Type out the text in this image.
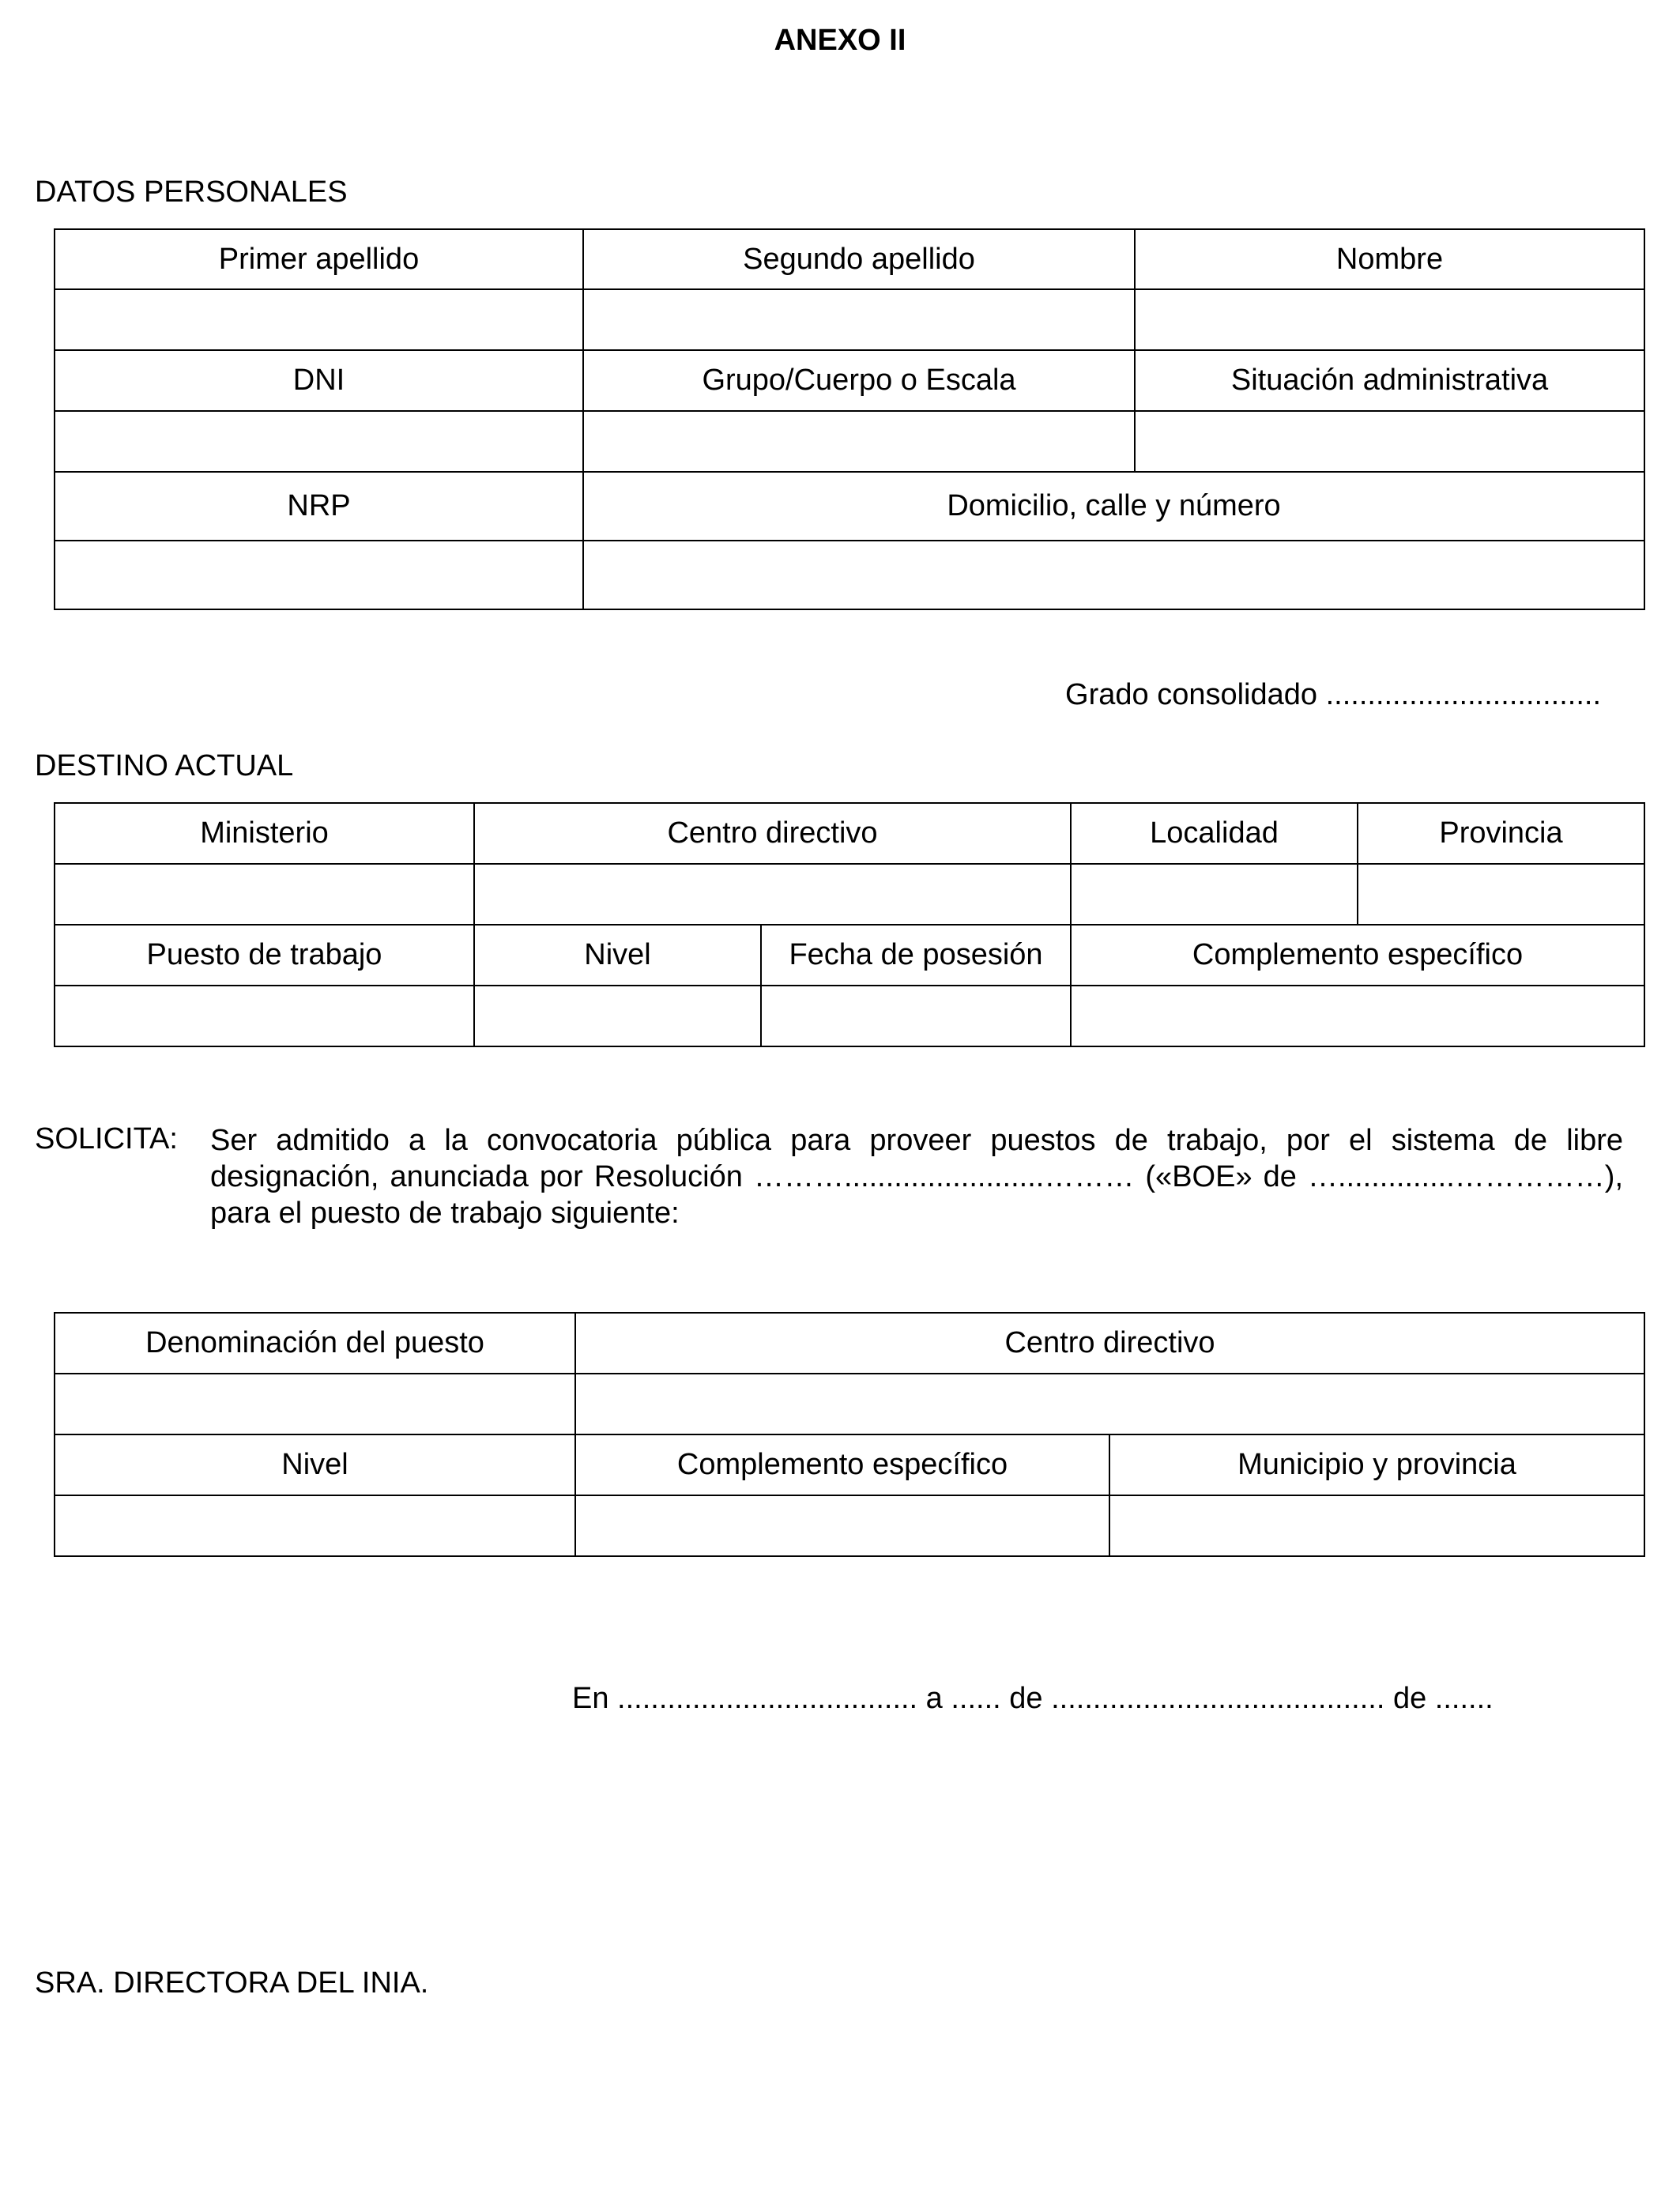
ANEXO II
DATOS PERSONALES
Primer apellido	Segundo apellido	Nombre

DNI	Grupo/Cuerpo o Escala	Situación administrativa

NRP	Domicilio, calle y número	

Grado consolidado .................................
DESTINO ACTUAL
Ministerio	Centro directivo		Localidad	Provincia

Puesto de trabajo	Nivel	Fecha de posesión	Complemento específico	

SOLICITA: Ser admitido a la convocatoria pública para proveer puestos de trabajo, por el sistema de libre designación, anunciada por Resolución ………........................……… («BOE» de …..............……………), para el puesto de trabajo siguiente:
Denominación del puesto	Centro directivo	

Nivel	Complemento específico	Municipio y provincia

En .................................... a ...... de ........................................ de .......
SRA. DIRECTORA DEL INIA.
